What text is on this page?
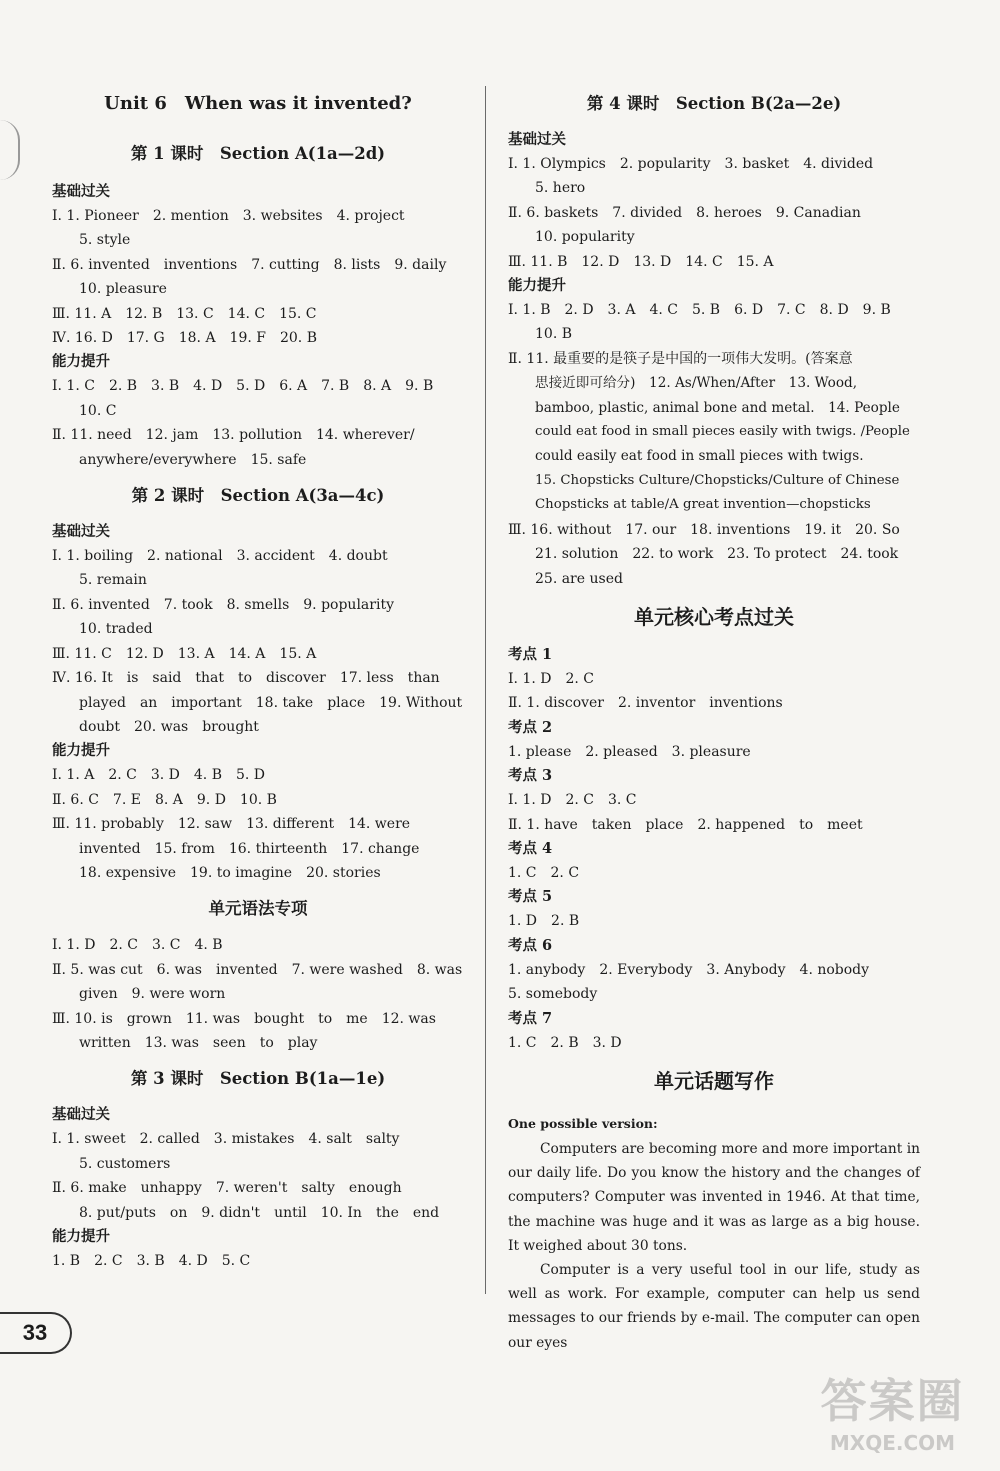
Unit 6　When was it invented?
第 1 课时　Section A(1a—2d)
基础过关
Ⅰ. 1. Pioneer　2. mention　3. websites　4. project
5. style
Ⅱ. 6. invented　inventions　7. cutting　8. lists　9. daily
10. pleasure
Ⅲ. 11. A　12. B　13. C　14. C　15. C
Ⅳ. 16. D　17. G　18. A　19. F　20. B
能力提升
Ⅰ. 1. C　2. B　3. B　4. D　5. D　6. A　7. B　8. A　9. B
10. C
Ⅱ. 11. need　12. jam　13. pollution　14. wherever/
anywhere/everywhere　15. safe
第 2 课时　Section A(3a—4c)
基础过关
Ⅰ. 1. boiling　2. national　3. accident　4. doubt
5. remain
Ⅱ. 6. invented　7. took　8. smells　9. popularity
10. traded
Ⅲ. 11. C　12. D　13. A　14. A　15. A
Ⅳ. 16. It　is　said　that　to　discover　17. less　than
played　an　important　18. take　place　19. Without
doubt　20. was　brought
能力提升
Ⅰ. 1. A　2. C　3. D　4. B　5. D
Ⅱ. 6. C　7. E　8. A　9. D　10. B
Ⅲ. 11. probably　12. saw　13. different　14. were
invented　15. from　16. thirteenth　17. change
18. expensive　19. to imagine　20. stories
单元语法专项
Ⅰ. 1. D　2. C　3. C　4. B
Ⅱ. 5. was cut　6. was　invented　7. were washed　8. was
given　9. were worn
Ⅲ. 10. is　grown　11. was　bought　to　me　12. was
written　13. was　seen　to　play
第 3 课时　Section B(1a—1e)
基础过关
Ⅰ. 1. sweet　2. called　3. mistakes　4. salt　salty
5. customers
Ⅱ. 6. make　unhappy　7. weren't　salty　enough
8. put/puts　on　9. didn't　until　10. In　the　end
能力提升
1. B　2. C　3. B　4. D　5. C
第 4 课时　Section B(2a—2e)
基础过关
Ⅰ. 1. Olympics　2. popularity　3. basket　4. divided
5. hero
Ⅱ. 6. baskets　7. divided　8. heroes　9. Canadian
10. popularity
Ⅲ. 11. B　12. D　13. D　14. C　15. A
能力提升
Ⅰ. 1. B　2. D　3. A　4. C　5. B　6. D　7. C　8. D　9. B
10. B
Ⅱ. 11. 最重要的是筷子是中国的一项伟大发明。(答案意
思接近即可给分)　12. As/When/After　13. Wood,
bamboo, plastic, animal bone and metal.　14. People
could eat food in small pieces easily with twigs. /People
could easily eat food in small pieces with twigs.
15. Chopsticks Culture/Chopsticks/Culture of Chinese
Chopsticks at table/A great invention—chopsticks
Ⅲ. 16. without　17. our　18. inventions　19. it　20. So
21. solution　22. to work　23. To protect　24. took
25. are used
单元核心考点过关
考点 1
Ⅰ. 1. D　2. C
Ⅱ. 1. discover　2. inventor　inventions
考点 2
1. please　2. pleased　3. pleasure
考点 3
Ⅰ. 1. D　2. C　3. C
Ⅱ. 1. have　taken　place　2. happened　to　meet
考点 4
1. C　2. C
考点 5
1. D　2. B
考点 6
1. anybody　2. Everybody　3. Anybody　4. nobody
5. somebody
考点 7
1. C　2. B　3. D
单元话题写作
One possible version:

Computers are becoming more and more important in our daily life. Do you know the history and the changes of computers? Computer was invented in 1946. At that time, the machine was huge and it was as large as a big house. It weighed about 30 tons.

Computer is a very useful tool in our life, study as well as work. For example, computer can help us send messages to our friends by e-mail. The computer can open our eyes

33
答案圈
MXQE.COM
